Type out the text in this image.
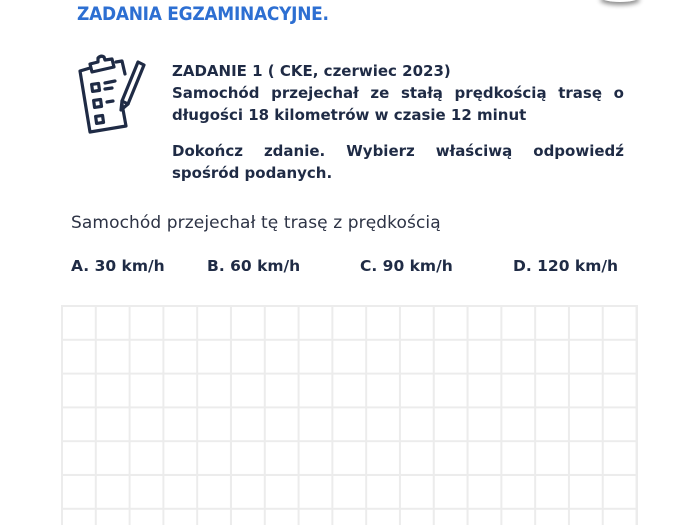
ZADANIA EGZAMINACYJNE.

ZADANIE 1 ( CKE, czerwiec 2023)

Samochód przejechał ze stałą prędkością trasę o

długości 18 kilometrów w czasie 12 minut

Dokończ zdanie. Wybierz właściwą odpowiedź

spośród podanych.

Samochód przejechał tę trasę z prędkością
A. 30 km/h	B. 60 km/h	C. 90 km/h	D. 120 km/h
